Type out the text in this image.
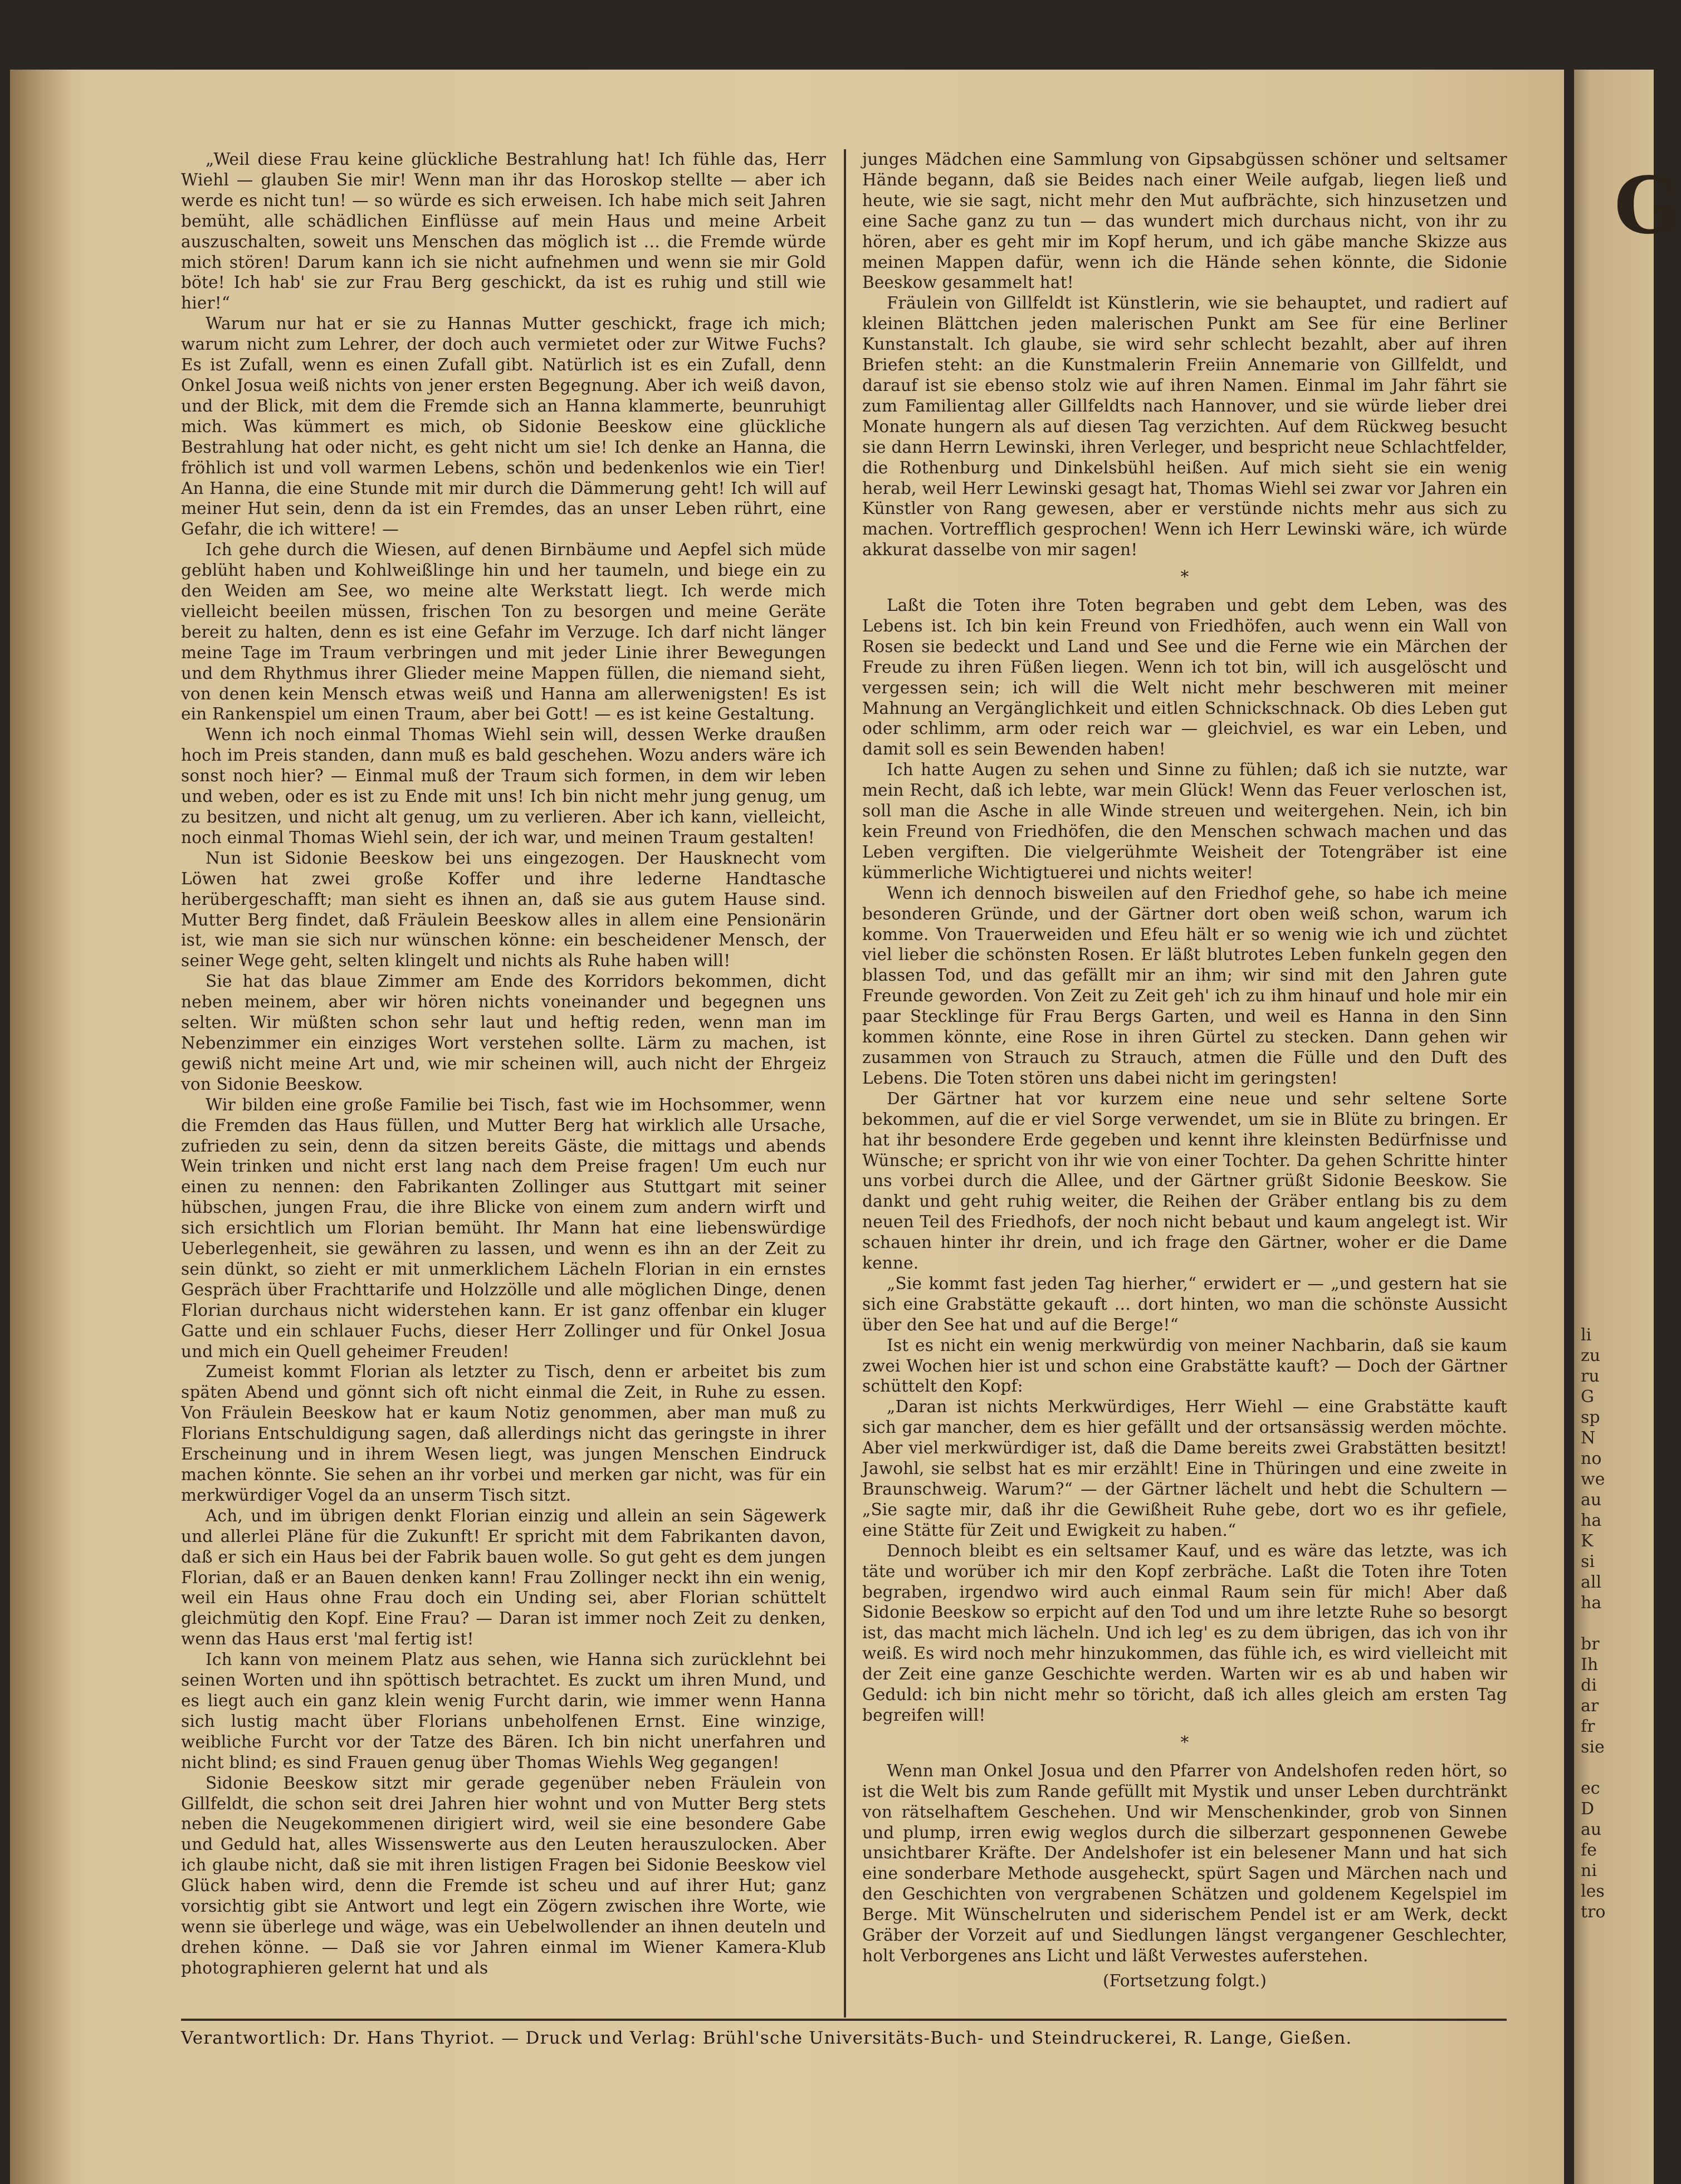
„Weil diese Frau keine glückliche Bestrahlung hat! Ich fühle das, Herr Wiehl — glauben Sie mir! Wenn man ihr das Horoskop stellte — aber ich werde es nicht tun! — so würde es sich erweisen. Ich habe mich seit Jahren bemüht, alle schädlichen Einflüsse auf mein Haus und meine Arbeit auszuschalten, soweit uns Menschen das möglich ist … die Fremde würde mich stören! Darum kann ich sie nicht aufnehmen und wenn sie mir Gold böte! Ich hab' sie zur Frau Berg geschickt, da ist es ruhig und still wie hier!“

Warum nur hat er sie zu Hannas Mutter geschickt, frage ich mich; warum nicht zum Lehrer, der doch auch vermietet oder zur Witwe Fuchs? Es ist Zufall, wenn es einen Zufall gibt. Natürlich ist es ein Zufall, denn Onkel Josua weiß nichts von jener ersten Begegnung. Aber ich weiß davon, und der Blick, mit dem die Fremde sich an Hanna klammerte, beunruhigt mich. Was kümmert es mich, ob Sidonie Beeskow eine glückliche Bestrahlung hat oder nicht, es geht nicht um sie! Ich denke an Hanna, die fröhlich ist und voll warmen Lebens, schön und bedenkenlos wie ein Tier! An Hanna, die eine Stunde mit mir durch die Dämmerung geht! Ich will auf meiner Hut sein, denn da ist ein Fremdes, das an unser Leben rührt, eine Gefahr, die ich wittere! —

Ich gehe durch die Wiesen, auf denen Birnbäume und Aepfel sich müde geblüht haben und Kohlweißlinge hin und her taumeln, und biege ein zu den Weiden am See, wo meine alte Werkstatt liegt. Ich werde mich vielleicht beeilen müssen, frischen Ton zu besorgen und meine Geräte bereit zu halten, denn es ist eine Gefahr im Verzuge. Ich darf nicht länger meine Tage im Traum verbringen und mit jeder Linie ihrer Bewegungen und dem Rhythmus ihrer Glieder meine Mappen füllen, die niemand sieht, von denen kein Mensch etwas weiß und Hanna am allerwenigsten! Es ist ein Rankenspiel um einen Traum, aber bei Gott! — es ist keine Gestaltung.

Wenn ich noch einmal Thomas Wiehl sein will, dessen Werke draußen hoch im Preis standen, dann muß es bald geschehen. Wozu anders wäre ich sonst noch hier? — Einmal muß der Traum sich formen, in dem wir leben und weben, oder es ist zu Ende mit uns! Ich bin nicht mehr jung genug, um zu besitzen, und nicht alt genug, um zu verlieren. Aber ich kann, vielleicht, noch einmal Thomas Wiehl sein, der ich war, und meinen Traum gestalten!

Nun ist Sidonie Beeskow bei uns eingezogen. Der Hausknecht vom Löwen hat zwei große Koffer und ihre lederne Handtasche herübergeschafft; man sieht es ihnen an, daß sie aus gutem Hause sind. Mutter Berg findet, daß Fräulein Beeskow alles in allem eine Pensionärin ist, wie man sie sich nur wünschen könne: ein bescheidener Mensch, der seiner Wege geht, selten klingelt und nichts als Ruhe haben will!

Sie hat das blaue Zimmer am Ende des Korridors bekommen, dicht neben meinem, aber wir hören nichts voneinander und begegnen uns selten. Wir müßten schon sehr laut und heftig reden, wenn man im Nebenzimmer ein einziges Wort verstehen sollte. Lärm zu machen, ist gewiß nicht meine Art und, wie mir scheinen will, auch nicht der Ehrgeiz von Sidonie Beeskow.

Wir bilden eine große Familie bei Tisch, fast wie im Hochsommer, wenn die Fremden das Haus füllen, und Mutter Berg hat wirklich alle Ursache, zufrieden zu sein, denn da sitzen bereits Gäste, die mittags und abends Wein trinken und nicht erst lang nach dem Preise fragen! Um euch nur einen zu nennen: den Fabrikanten Zollinger aus Stuttgart mit seiner hübschen, jungen Frau, die ihre Blicke von einem zum andern wirft und sich ersichtlich um Florian bemüht. Ihr Mann hat eine liebenswürdige Ueberlegenheit, sie gewähren zu lassen, und wenn es ihn an der Zeit zu sein dünkt, so zieht er mit unmerklichem Lächeln Florian in ein ernstes Gespräch über Frachttarife und Holzzölle und alle möglichen Dinge, denen Florian durchaus nicht widerstehen kann. Er ist ganz offenbar ein kluger Gatte und ein schlauer Fuchs, dieser Herr Zollinger und für Onkel Josua und mich ein Quell geheimer Freuden!

Zumeist kommt Florian als letzter zu Tisch, denn er arbeitet bis zum späten Abend und gönnt sich oft nicht einmal die Zeit, in Ruhe zu essen. Von Fräulein Beeskow hat er kaum Notiz genommen, aber man muß zu Florians Entschuldigung sagen, daß allerdings nicht das geringste in ihrer Erscheinung und in ihrem Wesen liegt, was jungen Menschen Eindruck machen könnte. Sie sehen an ihr vorbei und merken gar nicht, was für ein merkwürdiger Vogel da an unserm Tisch sitzt.

Ach, und im übrigen denkt Florian einzig und allein an sein Sägewerk und allerlei Pläne für die Zukunft! Er spricht mit dem Fabrikanten davon, daß er sich ein Haus bei der Fabrik bauen wolle. So gut geht es dem jungen Florian, daß er an Bauen denken kann! Frau Zollinger neckt ihn ein wenig, weil ein Haus ohne Frau doch ein Unding sei, aber Florian schüttelt gleichmütig den Kopf. Eine Frau? — Daran ist immer noch Zeit zu denken, wenn das Haus erst 'mal fertig ist!

Ich kann von meinem Platz aus sehen, wie Hanna sich zurücklehnt bei seinen Worten und ihn spöttisch betrachtet. Es zuckt um ihren Mund, und es liegt auch ein ganz klein wenig Furcht darin, wie immer wenn Hanna sich lustig macht über Florians unbeholfenen Ernst. Eine winzige, weibliche Furcht vor der Tatze des Bären. Ich bin nicht unerfahren und nicht blind; es sind Frauen genug über Thomas Wiehls Weg gegangen!

Sidonie Beeskow sitzt mir gerade gegenüber neben Fräulein von Gillfeldt, die schon seit drei Jahren hier wohnt und von Mutter Berg stets neben die Neugekommenen dirigiert wird, weil sie eine besondere Gabe und Geduld hat, alles Wissenswerte aus den Leuten herauszulocken. Aber ich glaube nicht, daß sie mit ihren listigen Fragen bei Sidonie Beeskow viel Glück haben wird, denn die Fremde ist scheu und auf ihrer Hut; ganz vorsichtig gibt sie Antwort und legt ein Zögern zwischen ihre Worte, wie wenn sie überlege und wäge, was ein Uebelwollender an ihnen deuteln und drehen könne. — Daß sie vor Jahren einmal im Wiener Kamera-Klub photographieren gelernt hat und als

junges Mädchen eine Sammlung von Gipsabgüssen schöner und seltsamer Hände begann, daß sie Beides nach einer Weile aufgab, liegen ließ und heute, wie sie sagt, nicht mehr den Mut aufbrächte, sich hinzusetzen und eine Sache ganz zu tun — das wundert mich durchaus nicht, von ihr zu hören, aber es geht mir im Kopf herum, und ich gäbe manche Skizze aus meinen Mappen dafür, wenn ich die Hände sehen könnte, die Sidonie Beeskow gesammelt hat!

Fräulein von Gillfeldt ist Künstlerin, wie sie behauptet, und radiert auf kleinen Blättchen jeden malerischen Punkt am See für eine Berliner Kunstanstalt. Ich glaube, sie wird sehr schlecht bezahlt, aber auf ihren Briefen steht: an die Kunstmalerin Freiin Annemarie von Gillfeldt, und darauf ist sie ebenso stolz wie auf ihren Namen. Einmal im Jahr fährt sie zum Familientag aller Gillfeldts nach Hannover, und sie würde lieber drei Monate hungern als auf diesen Tag verzichten. Auf dem Rückweg besucht sie dann Herrn Lewinski, ihren Verleger, und bespricht neue Schlachtfelder, die Rothenburg und Dinkelsbühl heißen. Auf mich sieht sie ein wenig herab, weil Herr Lewinski gesagt hat, Thomas Wiehl sei zwar vor Jahren ein Künstler von Rang gewesen, aber er verstünde nichts mehr aus sich zu machen. Vortrefflich gesprochen! Wenn ich Herr Lewinski wäre, ich würde akkurat dasselbe von mir sagen!

*

Laßt die Toten ihre Toten begraben und gebt dem Leben, was des Lebens ist. Ich bin kein Freund von Friedhöfen, auch wenn ein Wall von Rosen sie bedeckt und Land und See und die Ferne wie ein Märchen der Freude zu ihren Füßen liegen. Wenn ich tot bin, will ich ausgelöscht und vergessen sein; ich will die Welt nicht mehr beschweren mit meiner Mahnung an Vergänglichkeit und eitlen Schnickschnack. Ob dies Leben gut oder schlimm, arm oder reich war — gleichviel, es war ein Leben, und damit soll es sein Bewenden haben!

Ich hatte Augen zu sehen und Sinne zu fühlen; daß ich sie nutzte, war mein Recht, daß ich lebte, war mein Glück! Wenn das Feuer verloschen ist, soll man die Asche in alle Winde streuen und weitergehen. Nein, ich bin kein Freund von Friedhöfen, die den Menschen schwach machen und das Leben vergiften. Die vielgerühmte Weisheit der Totengräber ist eine kümmerliche Wichtigtuerei und nichts weiter!

Wenn ich dennoch bisweilen auf den Friedhof gehe, so habe ich meine besonderen Gründe, und der Gärtner dort oben weiß schon, warum ich komme. Von Trauerweiden und Efeu hält er so wenig wie ich und züchtet viel lieber die schönsten Rosen. Er läßt blutrotes Leben funkeln gegen den blassen Tod, und das gefällt mir an ihm; wir sind mit den Jahren gute Freunde geworden. Von Zeit zu Zeit geh' ich zu ihm hinauf und hole mir ein paar Stecklinge für Frau Bergs Garten, und weil es Hanna in den Sinn kommen könnte, eine Rose in ihren Gürtel zu stecken. Dann gehen wir zusammen von Strauch zu Strauch, atmen die Fülle und den Duft des Lebens. Die Toten stören uns dabei nicht im geringsten!

Der Gärtner hat vor kurzem eine neue und sehr seltene Sorte bekommen, auf die er viel Sorge verwendet, um sie in Blüte zu bringen. Er hat ihr besondere Erde gegeben und kennt ihre kleinsten Bedürfnisse und Wünsche; er spricht von ihr wie von einer Tochter. Da gehen Schritte hinter uns vorbei durch die Allee, und der Gärtner grüßt Sidonie Beeskow. Sie dankt und geht ruhig weiter, die Reihen der Gräber entlang bis zu dem neuen Teil des Friedhofs, der noch nicht bebaut und kaum angelegt ist. Wir schauen hinter ihr drein, und ich frage den Gärtner, woher er die Dame kenne.

„Sie kommt fast jeden Tag hierher,“ erwidert er — „und gestern hat sie sich eine Grabstätte gekauft … dort hinten, wo man die schönste Aussicht über den See hat und auf die Berge!“

Ist es nicht ein wenig merkwürdig von meiner Nachbarin, daß sie kaum zwei Wochen hier ist und schon eine Grabstätte kauft? — Doch der Gärtner schüttelt den Kopf:

„Daran ist nichts Merkwürdiges, Herr Wiehl — eine Grabstätte kauft sich gar mancher, dem es hier gefällt und der ortsansässig werden möchte. Aber viel merkwürdiger ist, daß die Dame bereits zwei Grabstätten besitzt! Jawohl, sie selbst hat es mir erzählt! Eine in Thüringen und eine zweite in Braunschweig. Warum?“ — der Gärtner lächelt und hebt die Schultern — „Sie sagte mir, daß ihr die Gewißheit Ruhe gebe, dort wo es ihr gefiele, eine Stätte für Zeit und Ewigkeit zu haben.“

Dennoch bleibt es ein seltsamer Kauf, und es wäre das letzte, was ich täte und worüber ich mir den Kopf zerbräche. Laßt die Toten ihre Toten begraben, irgendwo wird auch einmal Raum sein für mich! Aber daß Sidonie Beeskow so erpicht auf den Tod und um ihre letzte Ruhe so besorgt ist, das macht mich lächeln. Und ich leg' es zu dem übrigen, das ich von ihr weiß. Es wird noch mehr hinzukommen, das fühle ich, es wird vielleicht mit der Zeit eine ganze Geschichte werden. Warten wir es ab und haben wir Geduld: ich bin nicht mehr so töricht, daß ich alles gleich am ersten Tag begreifen will!

*

Wenn man Onkel Josua und den Pfarrer von Andelshofen reden hört, so ist die Welt bis zum Rande gefüllt mit Mystik und unser Leben durchtränkt von rätselhaftem Geschehen. Und wir Menschenkinder, grob von Sinnen und plump, irren ewig weglos durch die silberzart gesponnenen Gewebe unsichtbarer Kräfte. Der Andelshofer ist ein belesener Mann und hat sich eine sonderbare Methode ausgeheckt, spürt Sagen und Märchen nach und den Geschichten von vergrabenen Schätzen und goldenem Kegelspiel im Berge. Mit Wünschelruten und siderischem Pendel ist er am Werk, deckt Gräber der Vorzeit auf und Siedlungen längst vergangener Geschlechter, holt Verborgenes ans Licht und läßt Verwestes auferstehen.

(Fortsetzung folgt.)

Verantwortlich: Dr. Hans Thyriot. — Druck und Verlag: Brühl'sche Universitäts-Buch- und Steindruckerei, R. Lange, Gießen.
G
li
zu
ru
G
sp
N
no
we
au
ha
K
si
all
ha
br
Ih
di
ar
fr
sie
ec
D
au
fe
ni
les
tro
